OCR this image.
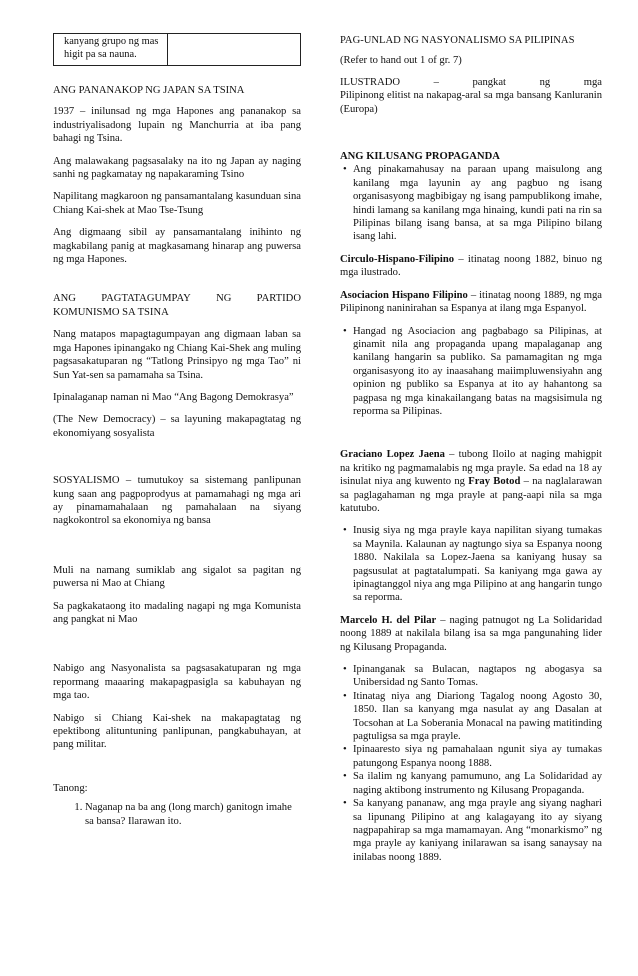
kanyang grupo ng mas higit pa sa nauna.

ANG PANANAKOP NG JAPAN SA TSINA

1937 – inilunsad ng mga Hapones ang pananakop sa industriyalisadong lupain ng Manchurria at iba pang bahagi ng Tsina.

Ang malawakang pagsasalaky na ito ng Japan ay naging sanhi ng pagkamatay ng napakaraming Tsino

Napilitang magkaroon ng pansamantalang kasunduan sina Chiang Kai-shek at Mao Tse-Tsung

Ang digmaang sibil ay pansamantalang inihinto ng magkabilang panig at magkasamang hinarap ang puwersa ng mga Hapones.

ANG PAGTATAGUMPAY NG PARTIDO
KOMUNISMO SA TSINA

Nang matapos mapagtagumpayan ang digmaan laban sa mga Hapones ipinangako ng Chiang Kai-Shek ang muling pagsasakatuparan ng “Tatlong Prinsipyo ng mga Tao” ni Sun Yat-sen sa pamamaha sa Tsina.

Ipinalaganap naman ni Mao “Ang Bagong Demokrasya”

(The New Democracy) – sa layuning makapagtatag ng ekonomiyang sosyalista

SOSYALISMO – tumutukoy sa sistemang panlipunan kung saan ang pagpoprodyus at pamamahagi ng mga ari ay pinamamahalaan ng pamahalaan na siyang nagkokontrol sa ekonomiya ng bansa

Muli na namang sumiklab ang sigalot sa pagitan ng puwersa ni Mao at Chiang

Sa pagkakataong ito madaling nagapi ng mga Komunista ang pangkat ni Mao

Nabigo ang Nasyonalista sa pagsasakatuparan ng mga repormang maaaring makapagpasigla sa kabuhayan ng mga tao.

Nabigo si Chiang Kai-shek na makapagtatag ng epektibong alituntuning panlipunan, pangkabuhayan, at pang militar.

Tanong:

1. Naganap na ba ang (long march) ganitogn imahe sa bansa? Ilarawan ito.

PAG-UNLAD NG NASYONALISMO SA PILIPINAS

(Refer to hand out 1 of gr. 7)

ILUSTRADO	–	pangkat	ng	mga
Pilipinong elitist na nakapag-aral sa mga bansang Kanluranin (Europa)

ANG KILUSANG PROPAGANDA

• Ang pinakamahusay na paraan upang maisulong ang kanilang mga layunin ay ang pagbuo ng isang organisasyong magbibigay ng isang pampublikong imahe, hindi lamang sa kanilang mga hinaing, kundi pati na rin sa Pilipinas bilang isang bansa, at sa mga Pilipino bilang isang lahi.

Circulo-Hispano-Filipino – itinatag noong 1882, binuo ng mga ilustrado.

Asociacion Hispano Filipino – itinatag noong 1889, ng mga Pilipinong naninirahan sa Espanya at ilang mga Espanyol.

• Hangad ng Asociacion ang pagbabago sa Pilipinas, at ginamit nila ang propaganda upang mapalaganap ang kanilang hangarin sa publiko. Sa pamamagitan ng mga organisasyong ito ay inaasahang maiimpluwensiyahn ang opinion ng publiko sa Espanya at ito ay hahantong sa pagpasa ng mga kinakailangang batas na magsisimula ng reporma sa Pilipinas.

Graciano Lopez Jaena – tubong Iloilo at naging mahigpit na kritiko ng pagmamalabis ng mga prayle. Sa edad na 18 ay isinulat niya ang kuwento ng Fray Botod – na naglalarawan sa paglagahaman ng mga prayle at pang-aapi nila sa mga katutubo.

• Inusig siya ng mga prayle kaya napilitan siyang tumakas sa Maynila. Kalaunan ay nagtungo siya sa Espanya noong 1880. Nakilala sa Lopez-Jaena sa kaniyang husay sa pagsusulat at pagtatalumpati. Sa kaniyang mga gawa ay ipinagtanggol niya ang mga Pilipino at ang hangarin tungo sa reporma.

Marcelo H. del Pilar – naging patnugot ng La Solidaridad noong 1889 at nakilala bilang isa sa mga pangunahing lider ng Kilusang Propaganda.

• Ipinanganak sa Bulacan, nagtapos ng abogasya sa Unibersidad ng Santo Tomas.
• Itinatag niya ang Diariong Tagalog noong Agosto 30, 1850. Ilan sa kanyang mga nasulat ay ang Dasalan at Tocsohan at La Soberania Monacal na pawing matitinding pagtuligsa sa mga prayle.
• Ipinaaresto siya ng pamahalaan ngunit siya ay tumakas patungong Espanya noong 1888.
• Sa ilalim ng kanyang pamumuno, ang La Solidaridad ay naging aktibong instrumento ng Kilusang Propaganda.
• Sa kanyang pananaw, ang mga prayle ang siyang naghari sa lipunang Pilipino at ang kalagayang ito ay siyang nagpapahirap sa mga mamamayan. Ang “monarkismo” ng mga prayle ay kaniyang inilarawan sa isang sanaysay na inilabas noong 1889.
